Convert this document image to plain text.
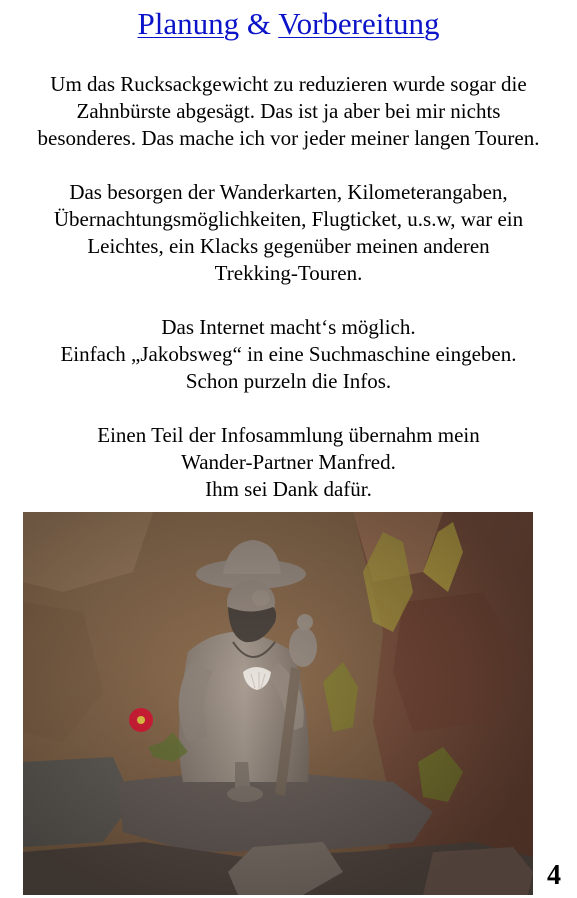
Planung & Vorbereitung

Um das Rucksackgewicht zu reduzieren wurde sogar die
Zahnbürste abgesägt. Das ist ja aber bei mir nichts
besonderes. Das mache ich vor jeder meiner langen Touren.

Das besorgen der Wanderkarten, Kilometerangaben,
Übernachtungsmöglichkeiten, Flugticket, u.s.w, war ein
Leichtes, ein Klacks gegenüber meinen anderen
Trekking-Touren.

Das Internet macht‘s möglich.
Einfach „Jakobsweg“ in eine Suchmaschine eingeben.
Schon purzeln die Infos.

Einen Teil der Infosammlung übernahm mein
Wander-Partner Manfred.
Ihm sei Dank dafür.

4
